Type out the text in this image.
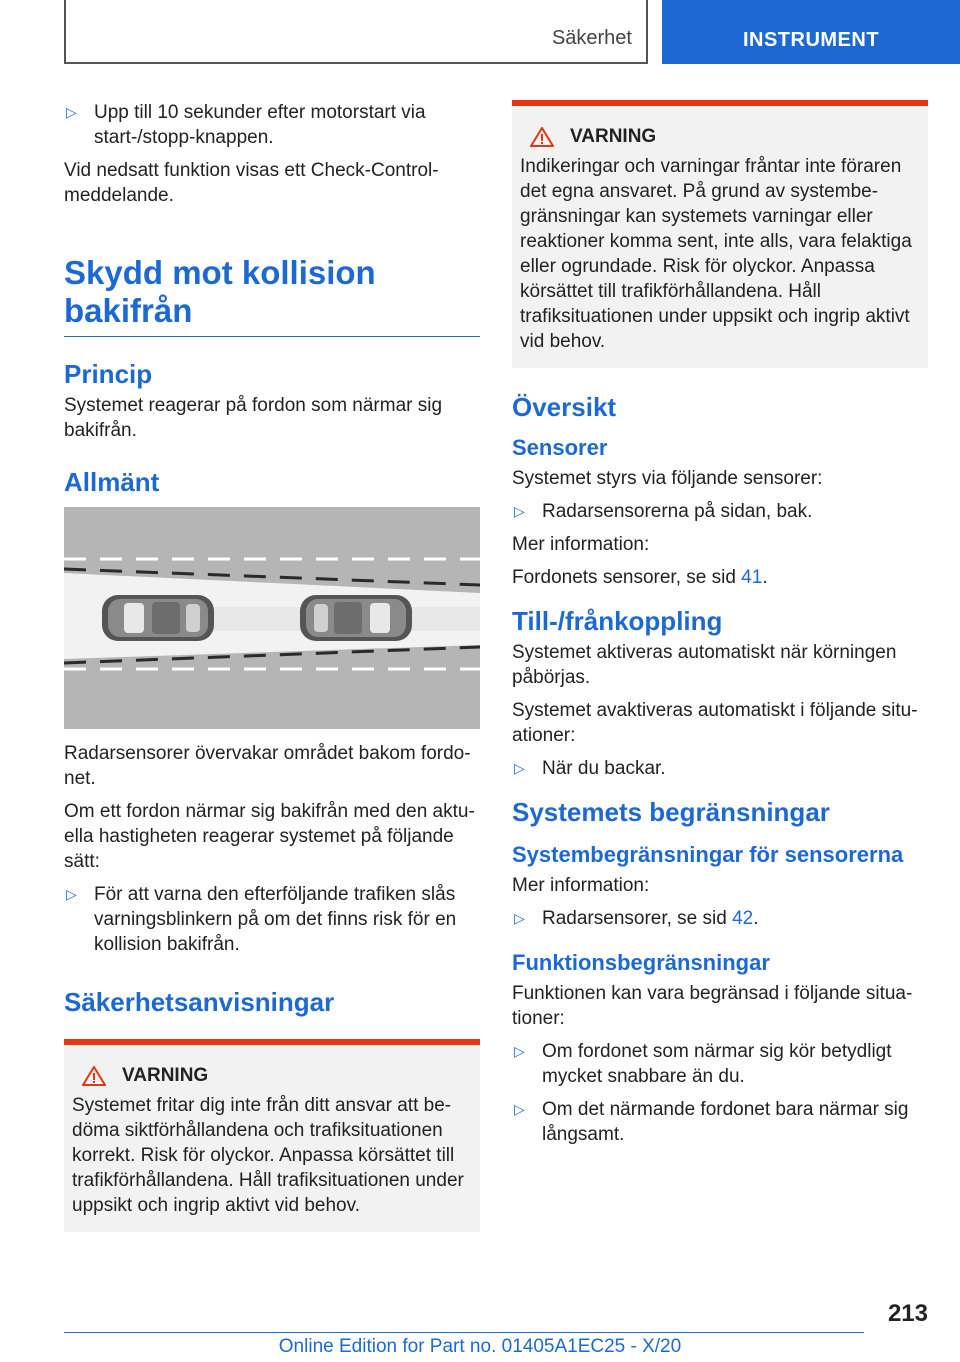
Säkerhet	INSTRUMENT
▷ Upp till 10 sekunder efter motorstart via start-/stopp-knappen.

Vid nedsatt funktion visas ett Check-Control-meddelande.

Skydd mot kollision bakifrån
Princip

Systemet reagerar på fordon som närmar sig bakifrån.

Allmänt

Radarsensorer övervakar området bakom fordonet.

Om ett fordon närmar sig bakifrån med den aktuella hastigheten reagerar systemet på följande sätt:

▷ För att varna den efterföljande trafiken slås varningsblinkern på om det finns risk för en kollision bakifrån.
Säkerhetsanvisningar
VARNING

Systemet fritar dig inte från ditt ansvar att bedöma siktförhållandena och trafiksituationen korrekt. Risk för olyckor. Anpassa körsättet till trafikförhållandena. Håll trafiksituationen under uppsikt och ingrip aktivt vid behov.

VARNING

Indikeringar och varningar fråntar inte föraren det egna ansvaret. På grund av systembegränsningar kan systemets varningar eller reaktioner komma sent, inte alls, vara felaktiga eller ogrundade. Risk för olyckor. Anpassa körsättet till trafikförhållandena. Håll trafiksituationen under uppsikt och ingrip aktivt vid behov.

Översikt
Sensorer

Systemet styrs via följande sensorer:

▷ Radarsensorerna på sidan, bak.

Mer information:

Fordonets sensorer, se sid 41.

Till-/frånkoppling

Systemet aktiveras automatiskt när körningen påbörjas.

Systemet avaktiveras automatiskt i följande situationer:

▷ När du backar.
Systemets begränsningar
Systembegränsningar för sensorerna

Mer information:

▷ Radarsensorer, se sid 42.
Funktionsbegränsningar

Funktionen kan vara begränsad i följande situationer:

▷ Om fordonet som närmar sig kör betydligt mycket snabbare än du.
▷ Om det närmande fordonet bara närmar sig långsamt.
213
Online Edition for Part no. 01405A1EC25 - X/20
